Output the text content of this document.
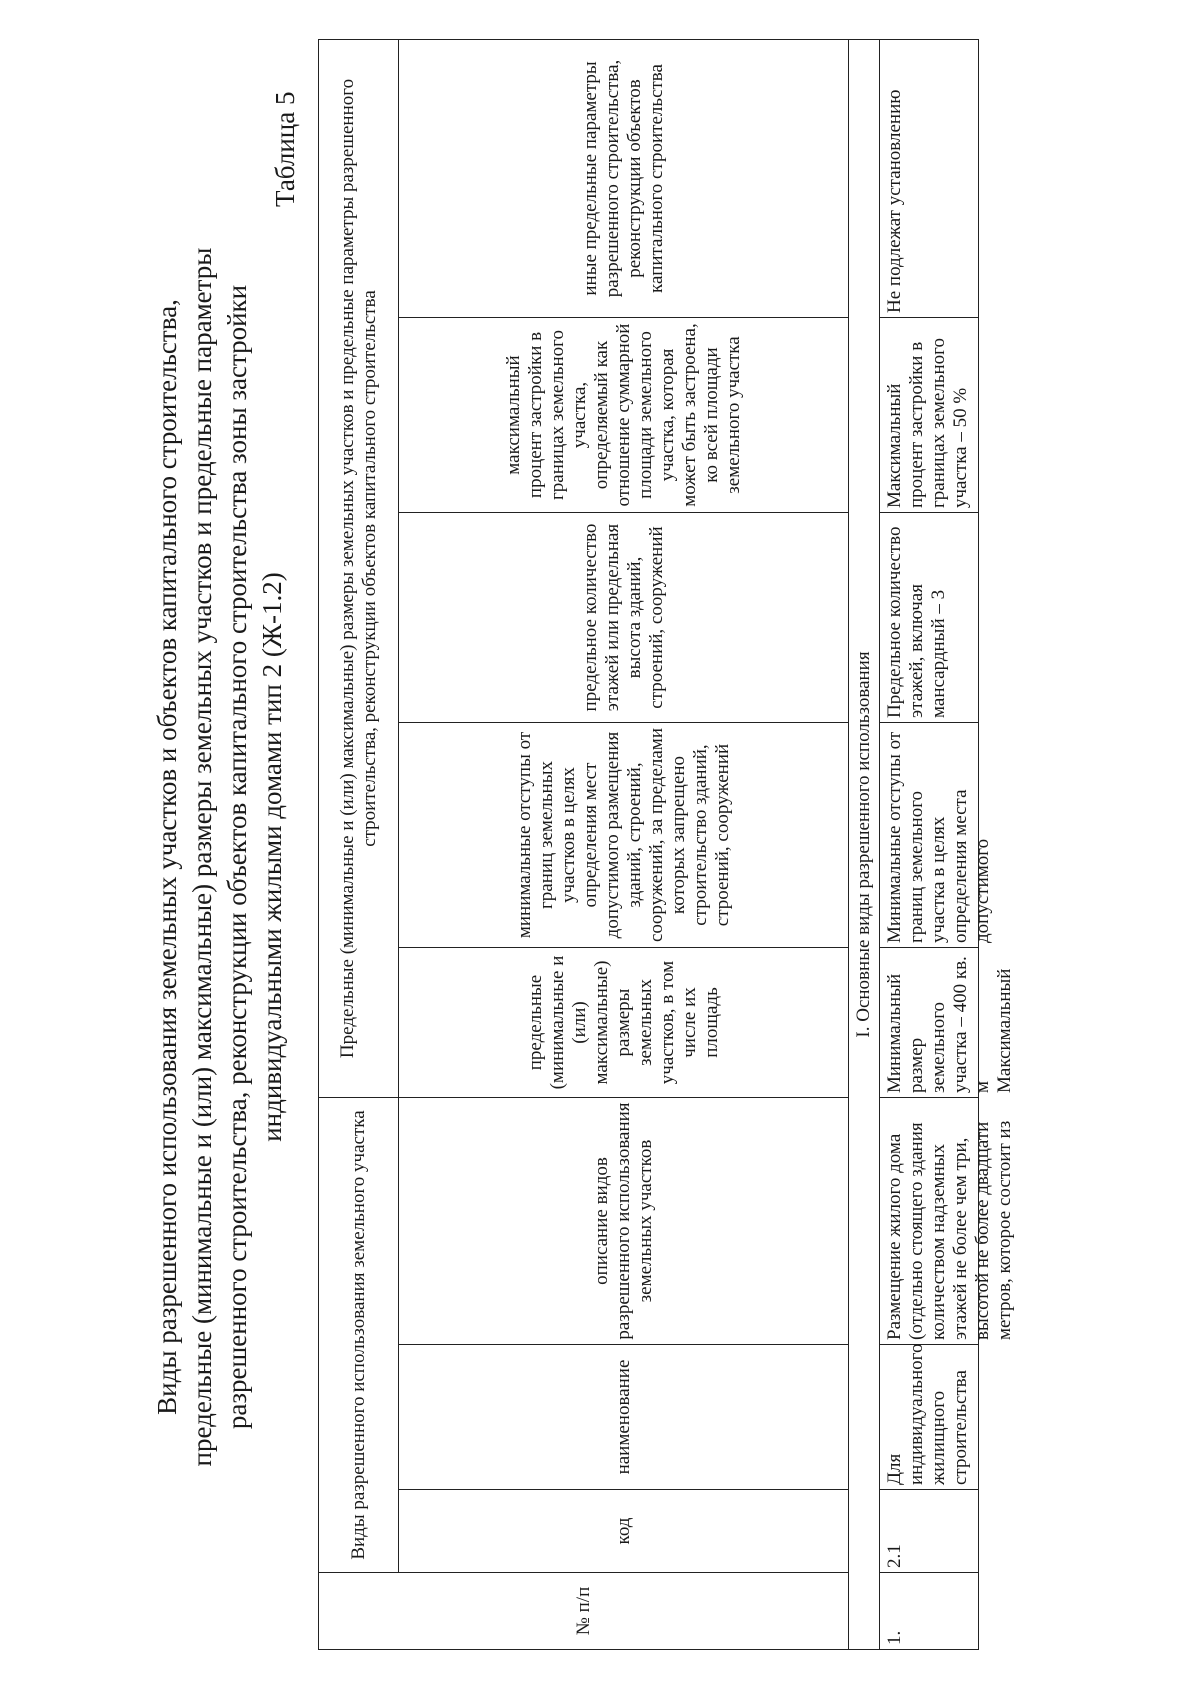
Виды разрешенного использования земельных участков и объектов капитального строительства, предельные (минимальные и (или) максимальные) размеры земельных участков и предельные параметры разрешенного строительства, реконструкции объектов капитального строительства зоны застройки индивидуальными жилыми домами тип 2 (Ж-1.2)
Таблица 5
№ п/п	Виды разрешенного использования земельного участка			Предельные (минимальные и (или) максимальные) размеры земельных участков и предельные параметры разрешенного строительства, реконструкции объектов капитального строительства				
	код	наименование	описание видов разрешенного использования земельных участков	предельные (минимальные и (или) максимальные) размеры земельных участков, в том числе их площадь	минимальные отступы от границ земельных участков в целях определения мест допустимого размещения зданий, строений, сооружений, за пределами которых запрещено строительство зданий, строений, сооружений	предельное количество этажей или предельная высота зданий, строений, сооружений	максимальный процент застройки в границах земельного участка, определяемый как отношение суммарной площади земельного участка, которая может быть застроена, ко всей площади земельного участка	иные предельные параметры разрешенного строительства, реконструкции объектов капитального строительства
I. Основные виды разрешенного использования								

1.	2.1	Для индивидуального жилищного строительства	Размещение жилого дома (отдельно стоящего здания количеством надземных этажей не более чем три, высотой не более двадцати метров, которое состоит из	Минимальный размер земельного участка – 400 кв. м Максимальный	Минимальные отступы от границ земельного участка в целях определения места допустимого	Предельное количество этажей, включая мансардный – 3	Максимальный процент застройки в границах земельного участка – 50 %	Не подлежат установлению
